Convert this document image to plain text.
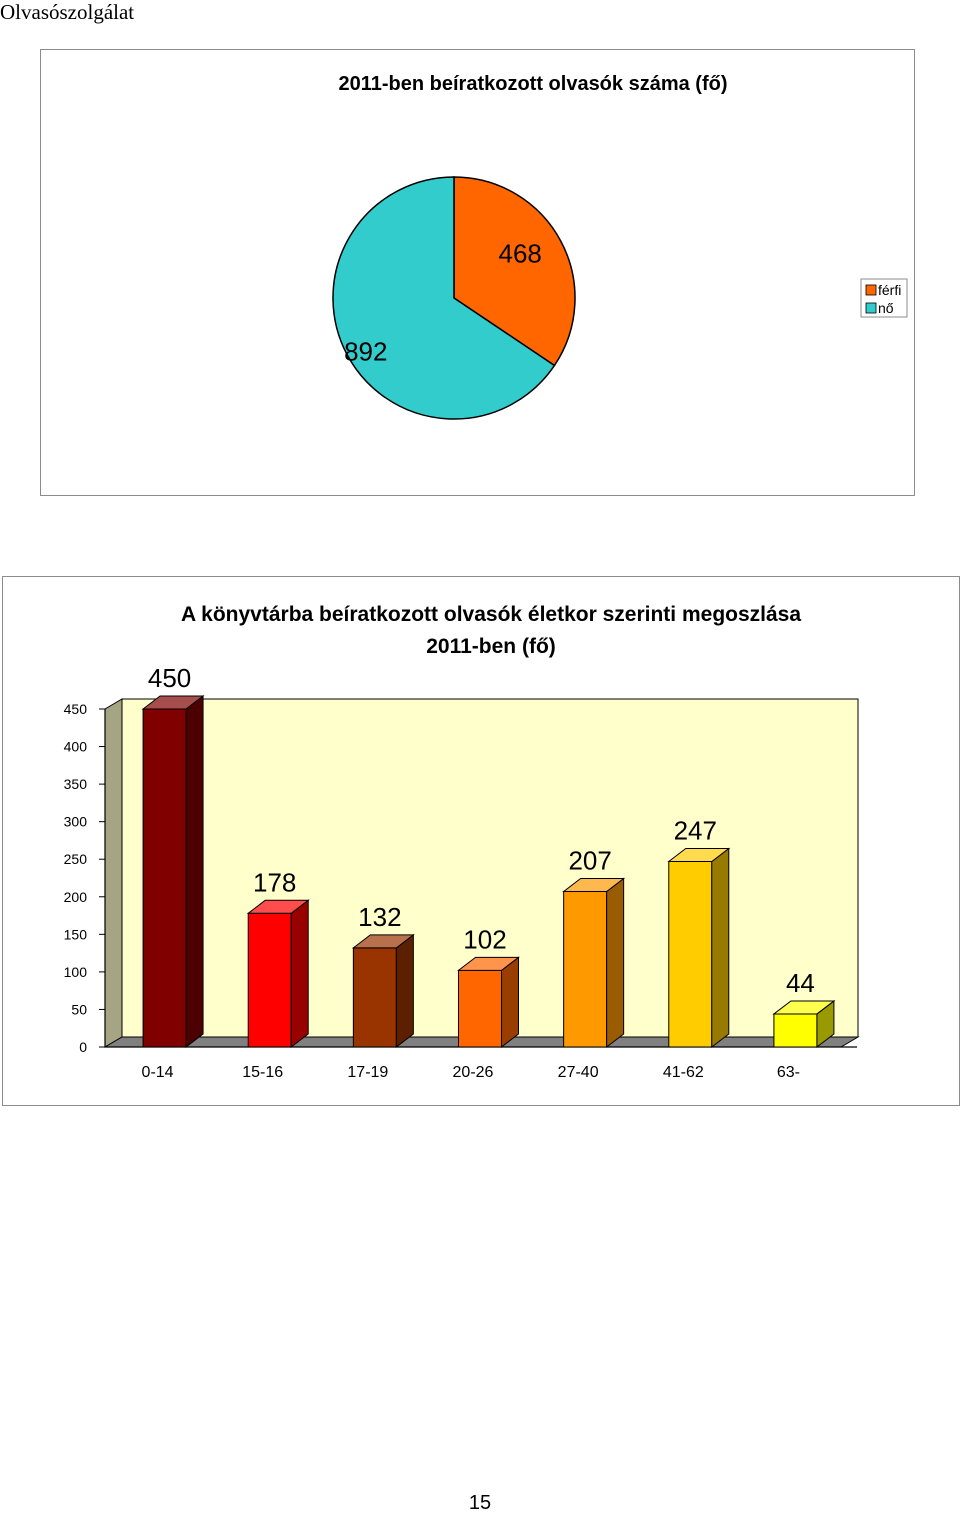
Olvasószolgálat
2011-ben beíratkozott olvasók száma (fő)
468
892
férfi
nő
A könyvtárba beíratkozott olvasók életkor szerinti megoszlása
2011-ben (fő)
0
50
100
150
200
250
300
350
400
450
450
178
132
102
207
247
44
0-14	15-16	17-19	20-26	27-40	41-62	63-
15
